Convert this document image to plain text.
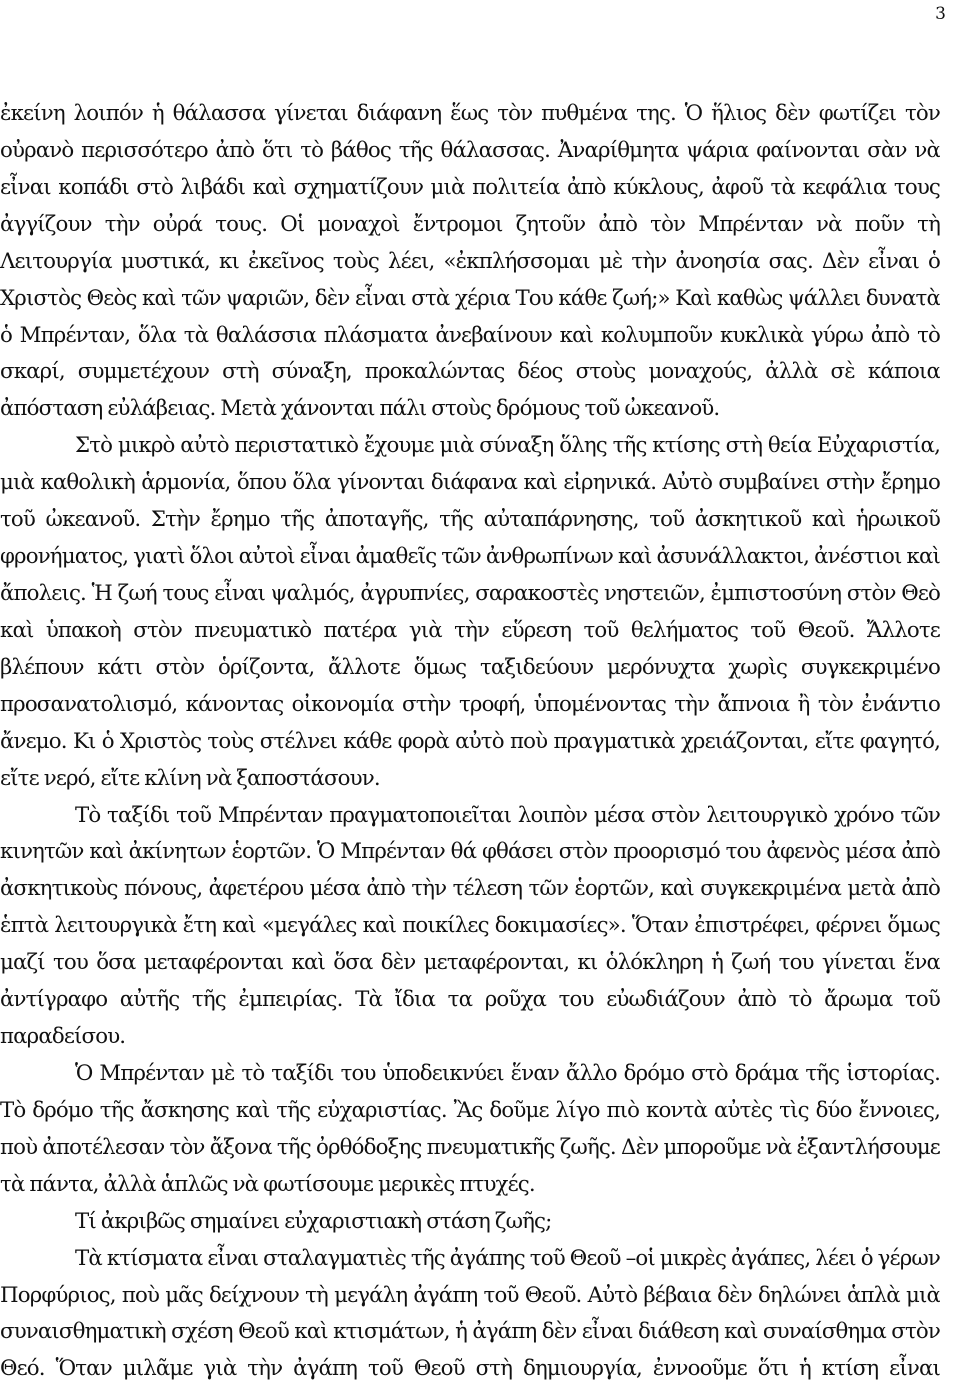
3
ἐκείνη λοιπόν ἡ θάλασσα γίνεται διάφανη ἕως τὸν πυθμένα της. Ὁ ἥλιος δὲν φωτίζει τὸν
οὐρανὸ περισσότερο ἀπὸ ὅτι τὸ βάθος τῆς θάλασσας. Ἀναρίθμητα ψάρια φαίνονται σὰν νὰ
εἶναι κοπάδι στὸ λιβάδι καὶ σχηματίζουν μιὰ πολιτεία ἀπὸ κύκλους, ἀφοῦ τὰ κεφάλια τους
ἀγγίζουν τὴν οὐρά τους. Οἱ μοναχοὶ ἔντρομοι ζητοῦν ἀπὸ τὸν Μπρένταν νὰ ποῦν τὴ
Λειτουργία μυστικά, κι ἐκεῖνος τοὺς λέει, «ἐκπλήσσομαι μὲ τὴν ἀνοησία σας. Δὲν εἶναι ὁ
Χριστὸς Θεὸς καὶ τῶν ψαριῶν, δὲν εἶναι στὰ χέρια Του κάθε ζωή;» Καὶ καθὼς ψάλλει δυνατὰ
ὁ Μπρένταν, ὅλα τὰ θαλάσσια πλάσματα ἀνεβαίνουν καὶ κολυμποῦν κυκλικὰ γύρω ἀπὸ τὸ
σκαρί, συμμετέχουν στὴ σύναξη, προκαλώντας δέος στοὺς μοναχούς, ἀλλὰ σὲ κάποια
ἀπόσταση εὐλάβειας. Μετὰ χάνονται πάλι στοὺς δρόμους τοῦ ὠκεανοῦ.
Στὸ μικρὸ αὐτὸ περιστατικὸ ἔχουμε μιὰ σύναξη ὅλης τῆς κτίσης στὴ θεία Εὐχαριστία,
μιὰ καθολικὴ ἁρμονία, ὅπου ὅλα γίνονται διάφανα καὶ εἰρηνικά. Αὐτὸ συμβαίνει στὴν ἔρημο
τοῦ ὠκεανοῦ. Στὴν ἔρημο τῆς ἀποταγῆς, τῆς αὐταπάρνησης, τοῦ ἀσκητικοῦ καὶ ἡρωικοῦ
φρονήματος, γιατὶ ὅλοι αὐτοὶ εἶναι ἀμαθεῖς τῶν ἀνθρωπίνων καὶ ἀσυνάλλακτοι, ἀνέστιοι καὶ
ἄπολεις. Ἡ ζωή τους εἶναι ψαλμός, ἀγρυπνίες, σαρακοστὲς νηστειῶν, ἐμπιστοσύνη στὸν Θεὸ
καὶ ὑπακοὴ στὸν πνευματικὸ πατέρα γιὰ τὴν εὕρεση τοῦ θελήματος τοῦ Θεοῦ. Ἄλλοτε
βλέπουν κάτι στὸν ὁρίζοντα, ἄλλοτε ὅμως ταξιδεύουν μερόνυχτα χωρὶς συγκεκριμένο
προσανατολισμό, κάνοντας οἰκονομία στὴν τροφή, ὑπομένοντας τὴν ἄπνοια ἢ τὸν ἐνάντιο
ἄνεμο. Κι ὁ Χριστὸς τοὺς στέλνει κάθε φορὰ αὐτὸ ποὺ πραγματικὰ χρειάζονται, εἴτε φαγητό,
εἴτε νερό, εἴτε κλίνη νὰ ξαποστάσουν.
Τὸ ταξίδι τοῦ Μπρένταν πραγματοποιεῖται λοιπὸν μέσα στὸν λειτουργικὸ χρόνο τῶν
κινητῶν καὶ ἀκίνητων ἑορτῶν. Ὁ Μπρένταν θά φθάσει στὸν προορισμό του ἀφενὸς μέσα ἀπὸ
ἀσκητικοὺς πόνους, ἀφετέρου μέσα ἀπὸ τὴν τέλεση τῶν ἑορτῶν, καὶ συγκεκριμένα μετὰ ἀπὸ
ἑπτὰ λειτουργικὰ ἔτη καὶ «μεγάλες καὶ ποικίλες δοκιμασίες». Ὅταν ἐπιστρέφει, φέρνει ὅμως
μαζί του ὅσα μεταφέρονται καὶ ὅσα δὲν μεταφέρονται, κι ὁλόκληρη ἡ ζωή του γίνεται ἕνα
ἀντίγραφο αὐτῆς τῆς ἐμπειρίας. Τὰ ἴδια τα ροῦχα του εὐωδιάζουν ἀπὸ τὸ ἄρωμα τοῦ
παραδείσου.
Ὁ Μπρένταν μὲ τὸ ταξίδι του ὑποδεικνύει ἕναν ἄλλο δρόμο στὸ δράμα τῆς ἱστορίας.
Τὸ δρόμο τῆς ἄσκησης καὶ τῆς εὐχαριστίας. Ἂς δοῦμε λίγο πιὸ κοντὰ αὐτὲς τὶς δύο ἔννοιες,
ποὺ ἀποτέλεσαν τὸν ἄξονα τῆς ὀρθόδοξης πνευματικῆς ζωῆς. Δὲν μποροῦμε νὰ ἐξαντλήσουμε
τὰ πάντα, ἀλλὰ ἁπλῶς νὰ φωτίσουμε μερικὲς πτυχές.
Τί ἀκριβῶς σημαίνει εὐχαριστιακὴ στάση ζωῆς;
Τὰ κτίσματα εἶναι σταλαγματιὲς τῆς ἀγάπης τοῦ Θεοῦ –οἱ μικρὲς ἀγάπες, λέει ὁ γέρων
Πορφύριος, ποὺ μᾶς δείχνουν τὴ μεγάλη ἀγάπη τοῦ Θεοῦ. Αὐτὸ βέβαια δὲν δηλώνει ἁπλὰ μιὰ
συναισθηματικὴ σχέση Θεοῦ καὶ κτισμάτων, ἡ ἀγάπη δὲν εἶναι διάθεση καὶ συναίσθημα στὸν
Θεό. Ὅταν μιλᾶμε γιὰ τὴν ἀγάπη τοῦ Θεοῦ στὴ δημιουργία, ἐννοοῦμε ὅτι ἡ κτίση εἶναι
